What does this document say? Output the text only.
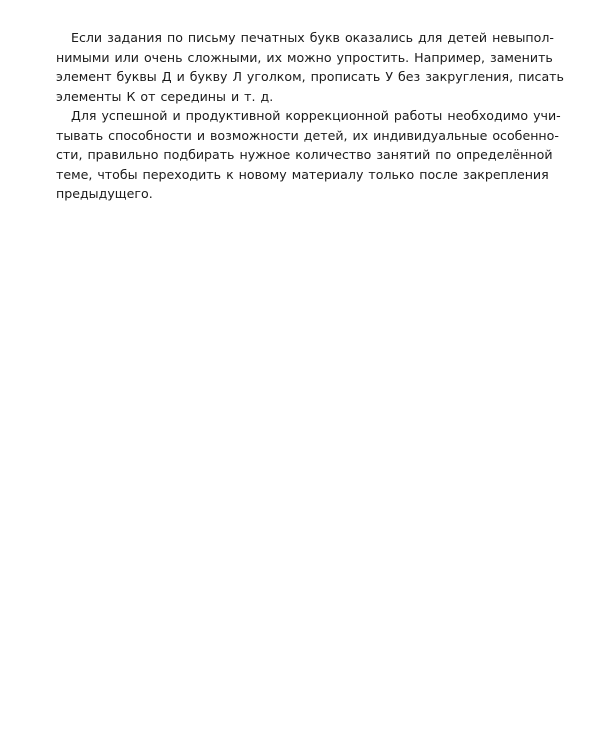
Если задания по письму печатных букв оказались для детей невыпол-
нимыми или очень сложными, их можно упростить. Например, заменить
элемент буквы Д и букву Л уголком, прописать У без закругления, писать
элементы К от середины и т. д.
Для успешной и продуктивной коррекционной работы необходимо учи-
тывать способности и возможности детей, их индивидуальные особенно-
сти, правильно подбирать нужное количество занятий по определённой
теме, чтобы переходить к новому материалу только после закрепления
предыдущего.
